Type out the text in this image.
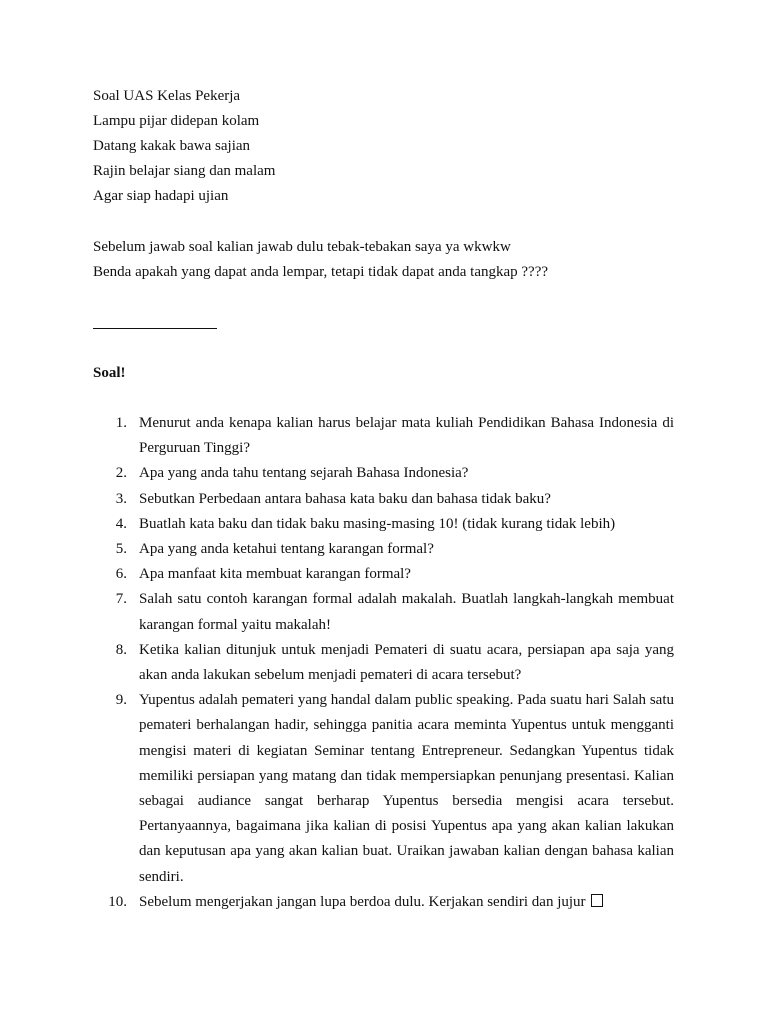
Soal UAS Kelas Pekerja
Lampu pijar didepan kolam
Datang kakak bawa sajian
Rajin belajar siang dan malam
Agar siap hadapi ujian
Sebelum jawab soal kalian jawab dulu tebak-tebakan saya ya wkwkw
Benda apakah yang dapat anda lempar, tetapi tidak dapat anda tangkap ????
Soal!
1. Menurut anda kenapa kalian harus belajar mata kuliah Pendidikan Bahasa Indonesia di Perguruan Tinggi?
2. Apa yang anda tahu tentang sejarah Bahasa Indonesia?
3. Sebutkan Perbedaan antara bahasa kata baku dan bahasa tidak baku?
4. Buatlah kata baku dan tidak baku masing-masing 10! (tidak kurang tidak lebih)
5. Apa yang anda ketahui tentang karangan formal?
6. Apa manfaat kita membuat karangan formal?
7. Salah satu contoh karangan formal adalah makalah. Buatlah langkah-langkah membuat karangan formal yaitu makalah!
8. Ketika kalian ditunjuk untuk menjadi Pemateri di suatu acara, persiapan apa saja yang akan anda lakukan sebelum menjadi pemateri di acara tersebut?
9. Yupentus adalah pemateri yang handal dalam public speaking. Pada suatu hari Salah satu pemateri berhalangan hadir, sehingga panitia acara meminta Yupentus untuk mengganti mengisi materi di kegiatan Seminar tentang Entrepreneur. Sedangkan Yupentus tidak memiliki persiapan yang matang dan tidak mempersiapkan penunjang presentasi. Kalian sebagai audiance sangat berharap Yupentus bersedia mengisi acara tersebut. Pertanyaannya, bagaimana jika kalian di posisi Yupentus apa yang akan kalian lakukan dan keputusan apa yang akan kalian buat. Uraikan jawaban kalian dengan bahasa kalian sendiri.
10. Sebelum mengerjakan jangan lupa berdoa dulu. Kerjakan sendiri dan jujur
